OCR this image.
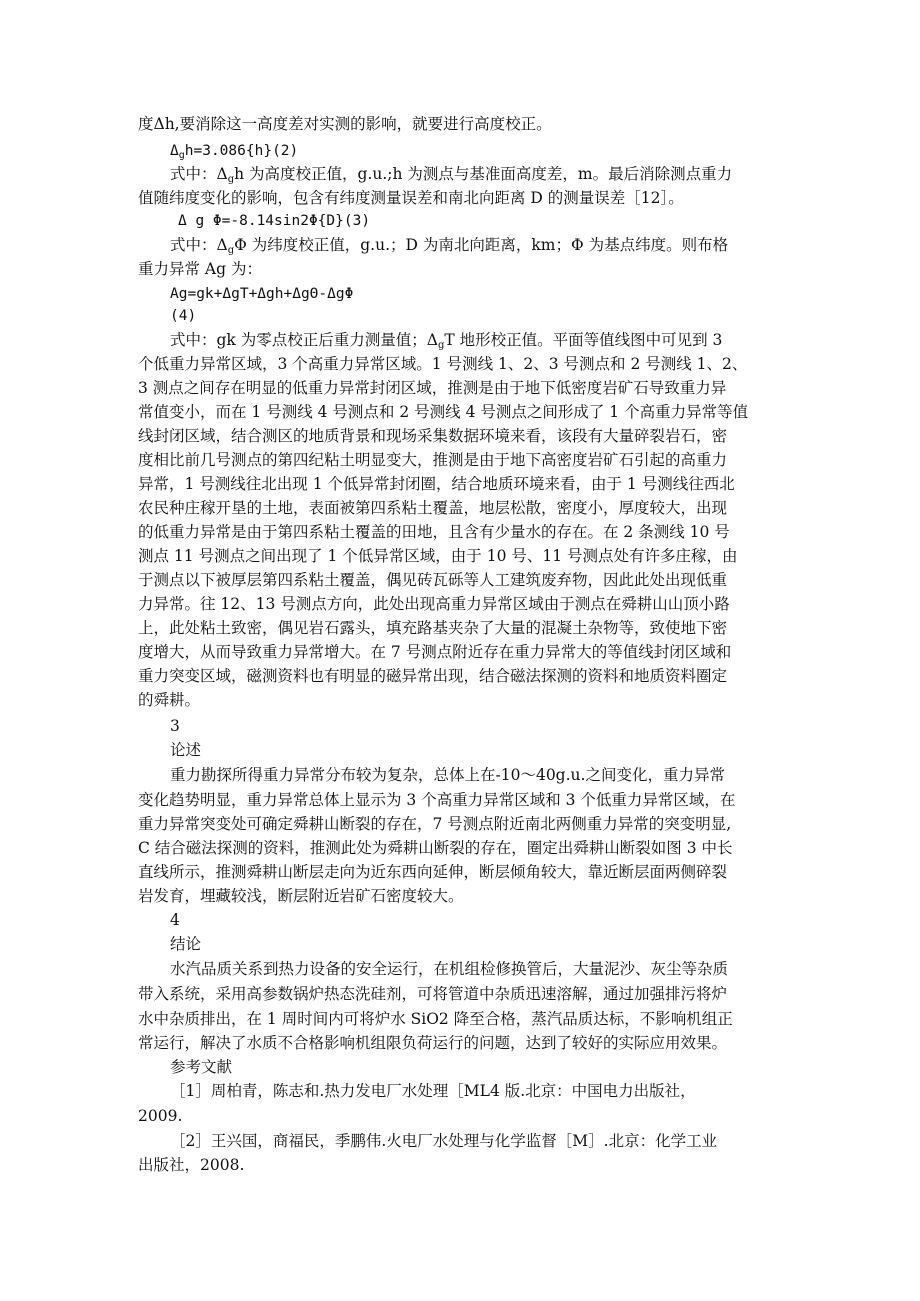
度Δh,要消除这一高度差对实测的影响，就要进行高度校正。
$\Delta_gh=3.086\{h\}(2)$
式中：$\Delta_gh$ 为高度校正值，g.u.;h 为测点与基准面高度差，m。最后消除测点重力
值随纬度变化的影响，包含有纬度测量误差和南北向距离 D 的测量误差［12］。
Δ g Φ=-8.14sin2Φ{D}(3)
式中：$\Delta_g\Phi$ 为纬度校正值，g.u.；D 为南北向距离，km；Φ 为基点纬度。则布格
重力异常 Ag 为：
Ag=gk+ΔgT+Δgh+ΔgΘ-ΔgΦ
(4)
式中：gk 为零点校正后重力测量值；$\Delta_gT$ 地形校正值。平面等值线图中可见到 3
个低重力异常区域，3 个高重力异常区域。1 号测线 1、2、3 号测点和 2 号测线 1、2、
3 测点之间存在明显的低重力异常封闭区域，推测是由于地下低密度岩矿石导致重力异
常值变小，而在 1 号测线 4 号测点和 2 号测线 4 号测点之间形成了 1 个高重力异常等值
线封闭区域，结合测区的地质背景和现场采集数据环境来看，该段有大量碎裂岩石，密
度相比前几号测点的第四纪粘土明显变大，推测是由于地下高密度岩矿石引起的高重力
异常，1 号测线往北出现 1 个低异常封闭圈，结合地质环境来看，由于 1 号测线往西北
农民种庄稼开垦的土地，表面被第四系粘土覆盖，地层松散，密度小，厚度较大，出现
的低重力异常是由于第四系粘土覆盖的田地，且含有少量水的存在。在 2 条测线 10 号
测点 11 号测点之间出现了 1 个低异常区域，由于 10 号、11 号测点处有许多庄稼，由
于测点以下被厚层第四系粘土覆盖，偶见砖瓦砾等人工建筑废弃物，因此此处出现低重
力异常。往 12、13 号测点方向，此处出现高重力异常区域由于测点在舜耕山山顶小路
上，此处粘土致密，偶见岩石露头，填充路基夹杂了大量的混凝土杂物等，致使地下密
度增大，从而导致重力异常增大。在 7 号测点附近存在重力异常大的等值线封闭区域和
重力突变区域，磁测资料也有明显的磁异常出现，结合磁法探测的资料和地质资料圈定
的舜耕。
3
论述
重力勘探所得重力异常分布较为复杂，总体上在-10～40g.u.之间变化，重力异常
变化趋势明显，重力异常总体上显示为 3 个高重力异常区域和 3 个低重力异常区域，在
重力异常突变处可确定舜耕山断裂的存在，7 号测点附近南北两侧重力异常的突变明显,
C 结合磁法探测的资料，推测此处为舜耕山断裂的存在，圈定出舜耕山断裂如图 3 中长
直线所示，推测舜耕山断层走向为近东西向延伸，断层倾角较大，靠近断层面两侧碎裂
岩发育，埋藏较浅，断层附近岩矿石密度较大。
4
结论
水汽品质关系到热力设备的安全运行，在机组检修换管后，大量泥沙、灰尘等杂质
带入系统，采用高参数锅炉热态洗硅剂，可将管道中杂质迅速溶解，通过加强排污将炉
水中杂质排出，在 1 周时间内可将炉水 SiO2 降至合格，蒸汽品质达标，不影响机组正
常运行，解决了水质不合格影响机组限负荷运行的问题，达到了较好的实际应用效果。
参考文献
［1］周柏青，陈志和.热力发电厂水处理［ML4 版.北京：中国电力出版社，
2009.
［2］王兴国，商福民，季鹏伟.火电厂水处理与化学监督［M］.北京：化学工业
出版社，2008.
